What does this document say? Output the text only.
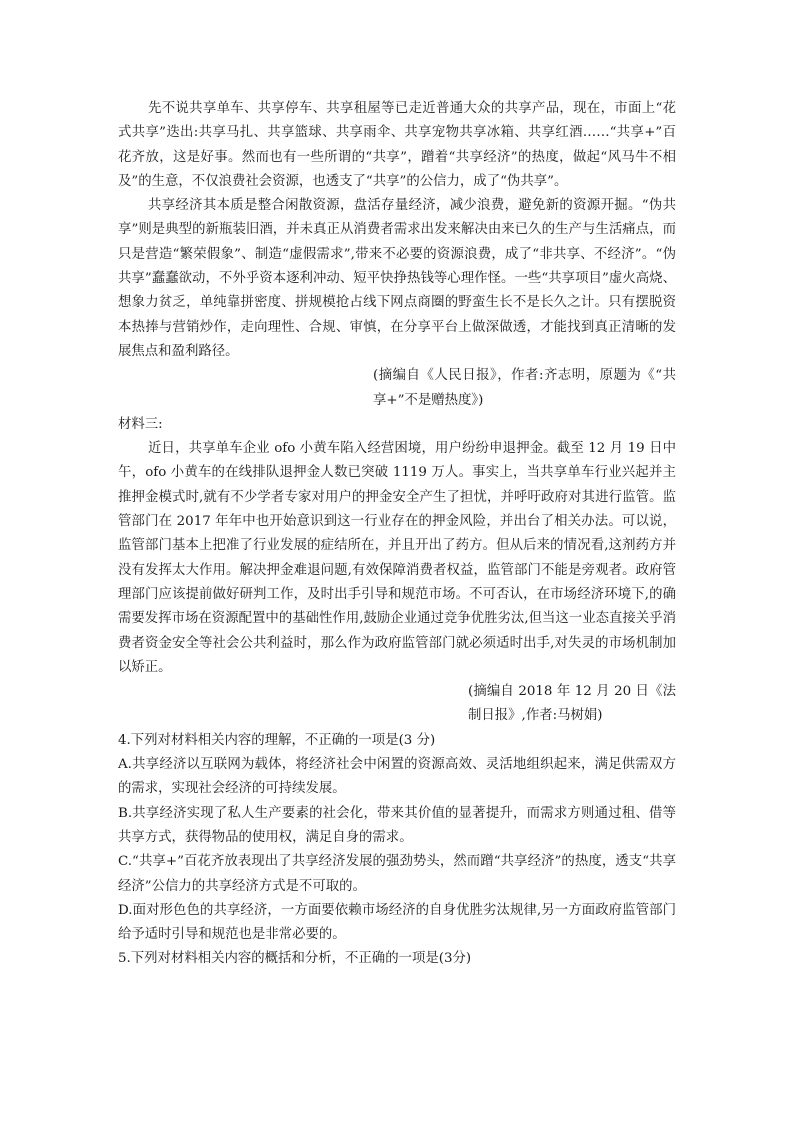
先不说共享单车、共享停车、共享租屋等已走近普通大众的共享产品，现在，市面上“花式共享”迭出:共享马扎、共享篮球、共享雨伞、共享宠物共享冰箱、共享红酒……“共享+”百花齐放，这是好事。然而也有一些所谓的“共享”，蹭着“共享经济”的热度，做起“风马牛不相及”的生意，不仅浪费社会资源，也透支了“共享”的公信力，成了“伪共享”。

共享经济其本质是整合闲散资源，盘活存量经济，减少浪费，避免新的资源开掘。“伪共享”则是典型的新瓶装旧酒，并未真正从消费者需求出发来解决由来已久的生产与生活痛点，而只是营造“繁荣假象”、制造“虚假需求”,带来不必要的资源浪费，成了“非共享、不经济”。“伪共享”蠢蠢欲动，不外乎资本逐利冲动、短平快挣热钱等心理作怪。一些“共享项目”虚火高烧、想象力贫乏，单纯靠拼密度、拼规模抢占线下网点商圈的野蛮生长不是长久之计。只有摆脱资本热捧与营销炒作，走向理性、合规、审慎，在分享平台上做深做透，才能找到真正清晰的发展焦点和盈利路径。

(摘编自《人民日报》，作者:齐志明，原题为《“共享+”不是赠热度》)

材料三:

近日，共享单车企业 ofo 小黄车陷入经营困境，用户纷纷申退押金。截至 12 月 19 日中午，ofo 小黄车的在线排队退押金人数已突破 1119 万人。事实上，当共享单车行业兴起并主推押金模式时,就有不少学者专家对用户的押金安全产生了担忧，并呼吁政府对其进行监管。监管部门在 2017 年年中也开始意识到这一行业存在的押金风险，并出台了相关办法。可以说， 监管部门基本上把准了行业发展的症结所在，并且开出了药方。但从后来的情况看,这剂药方并没有发挥太大作用。解决押金难退问题,有效保障消费者权益，监管部门不能是旁观者。政府管理部门应该提前做好研判工作，及时出手引导和规范市场。不可否认，在市场经济环境下,的确需要发挥市场在资源配置中的基础性作用,鼓励企业通过竞争优胜劣汰,但当这一业态直接关乎消费者资金安全等社会公共利益时，那么作为政府监管部门就必须适时出手,对失灵的市场机制加以矫正。

(摘编自 2018 年 12 月 20 日《法制日报》,作者:马树娟)

4.下列对材料相关内容的理解，不正确的一项是(3 分)

A.共享经济以互联网为载体，将经济社会中闲置的资源高效、灵活地组织起来，满足供需双方的需求，实现社会经济的可持续发展。

B.共享经济实现了私人生产要素的社会化，带来其价值的显著提升，而需求方则通过租、借等共享方式，获得物品的使用权，满足自身的需求。

C.“共享+”百花齐放表现出了共享经济发展的强劲势头，然而蹭“共享经济”的热度，透支“共享经济”公信力的共享经济方式是不可取的。

D.面对形色色的共享经济，一方面要依赖市场经济的自身优胜劣汰规律,另一方面政府监管部门给予适时引导和规范也是非常必要的。

5.下列对材料相关内容的概括和分析，不正确的一项是(3分)
